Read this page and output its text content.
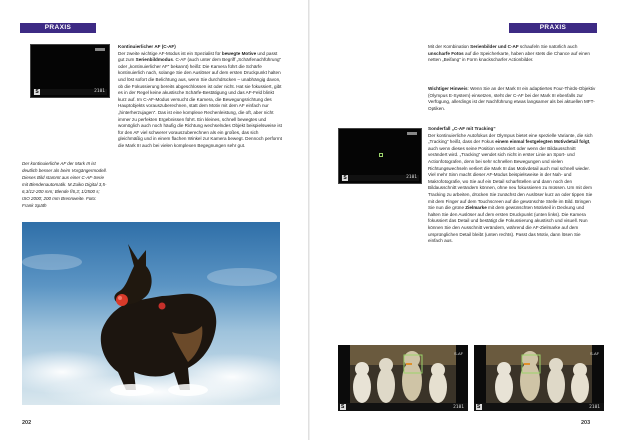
PRAXIS	PRAXIS
S	2101
Kontinuierlicher AF (C-AF)
Der zweite wichtige AF-Modus ist ein Spezialist für bewegte Motive und passt gut zum Serienbildmodus. C-AF (auch unter dem Begriff „Schärfenachführung“ oder „kontinuierlicher AF“ bekannt) heißt: Die Kamera führt die Schärfe kontinuierlich nach, solange Sie den Auslöser auf dem ersten Druckpunkt halten und löst sofort die Belichtung aus, wenn Sie durchdrücken – unabhängig davon, ob die Fokussierung bereits abgeschlossen ist oder nicht. Hat sie fokussiert, gibt es in der Regel keine akustische Schärfe-Bestätigung und das AF-Feld blinkt kurz auf. Im C-AF-Modus versucht die Kamera, die Bewegungsrichtung des Hauptobjekts vorauszuberechnen, statt dem Motiv mit dem AF einfach nur „hinterherzujagen“. Das ist eine komplexe Rechenleistung, die oft, aber nicht immer zu perfekten Ergebnissen führt. Ein kleines, schnell bewegtes und womöglich auch noch häufig die Richtung wechselndes Objekt beispielsweise ist für den AF viel schwerer vorauszuberechnen als ein großes, das sich gleichmäßig und in einem flachen Winkel zur Kamera bewegt. Dennoch performt die Mark III auch bei vielen komplexen Begegnungen sehr gut.
Der kontinuierliche AF der Mark III ist deutlich besser als beim Vorgängermodell. Dieses Bild stammt aus einer C-AF-Serie mit Blendenautomatik. M.Zuiko Digital 3,5-6,3/12-200 mm; Blende f/6,3; 1/2500 s; ISO 2000; 200 mm Brennweite. Foto: Frank Späth
202
Mit der Kombination Serienbilder und C-AF schaufeln Sie natürlich auch unscharfe Fotos auf die Speicherkarte, haben aber stets die Chance auf einen netten „Beifang“ in Form knackscharfer Actionbilder.
Wichtiger Hinweis: Wenn Sie an der Mark III ein adaptiertes Four-Thirds-Objektiv (Olympus E-System) einsetzen, steht der C-AF bei der Mark III ebenfalls zur Verfügung, allerdings ist der Nachführung etwas langsamer als bei aktuellen MFT-Optiken.
S	2101
Sonderfall „C-AF mit Tracking“
Der kontinuierliche Autofokus der Olympus bietet eine spezielle Variante, die sich „Tracking“ heißt, dass der Fokus einem einmal festgelegten Motivdetail folgt, auch wenn dieses seine Position verändert oder wenn der Bildausschnitt verändert wird. „Tracking“ wendet sich nicht in erster Linie an Sport- und Actionfotografen, denn bei sehr schnellen Bewegungen und vielen Richtungswechseln verliert die Mark III das Motivdetail auch mal schnell wieder. Viel mehr Sinn macht dieser AF-Modus beispielsweise in der Nah- und Makrofotografie, wo Sie auf ein Detail scharfstellen und dann noch den Bildausschnitt verändern können, ohne neu fokussieren zu müssen. Um mit dem Tracking zu arbeiten, drücken Sie zunächst den Auslöser kurz an oder tippen Sie mit dem Finger auf dem Touchscreen auf die gewünschte Stelle im Bild. Bringen Sie nun die grüne Zielmarke mit dem gewünschten Motivteil in Deckung und halten Sie den Auslöser auf dem ersten Druckpunkt (unten links). Die Kamera fokussiert das Detail und bestätigt die Fokussierung akustisch und visuell. Nun können Sie den Ausschnitt verändern, während die AF-Zielmarke auf dem ursprünglichen Detail bleibt (unten rechts). Passt das Motiv, dann lösen Sie einfach aus.
S
S-AF
2101	S
S-AF
2101
203
